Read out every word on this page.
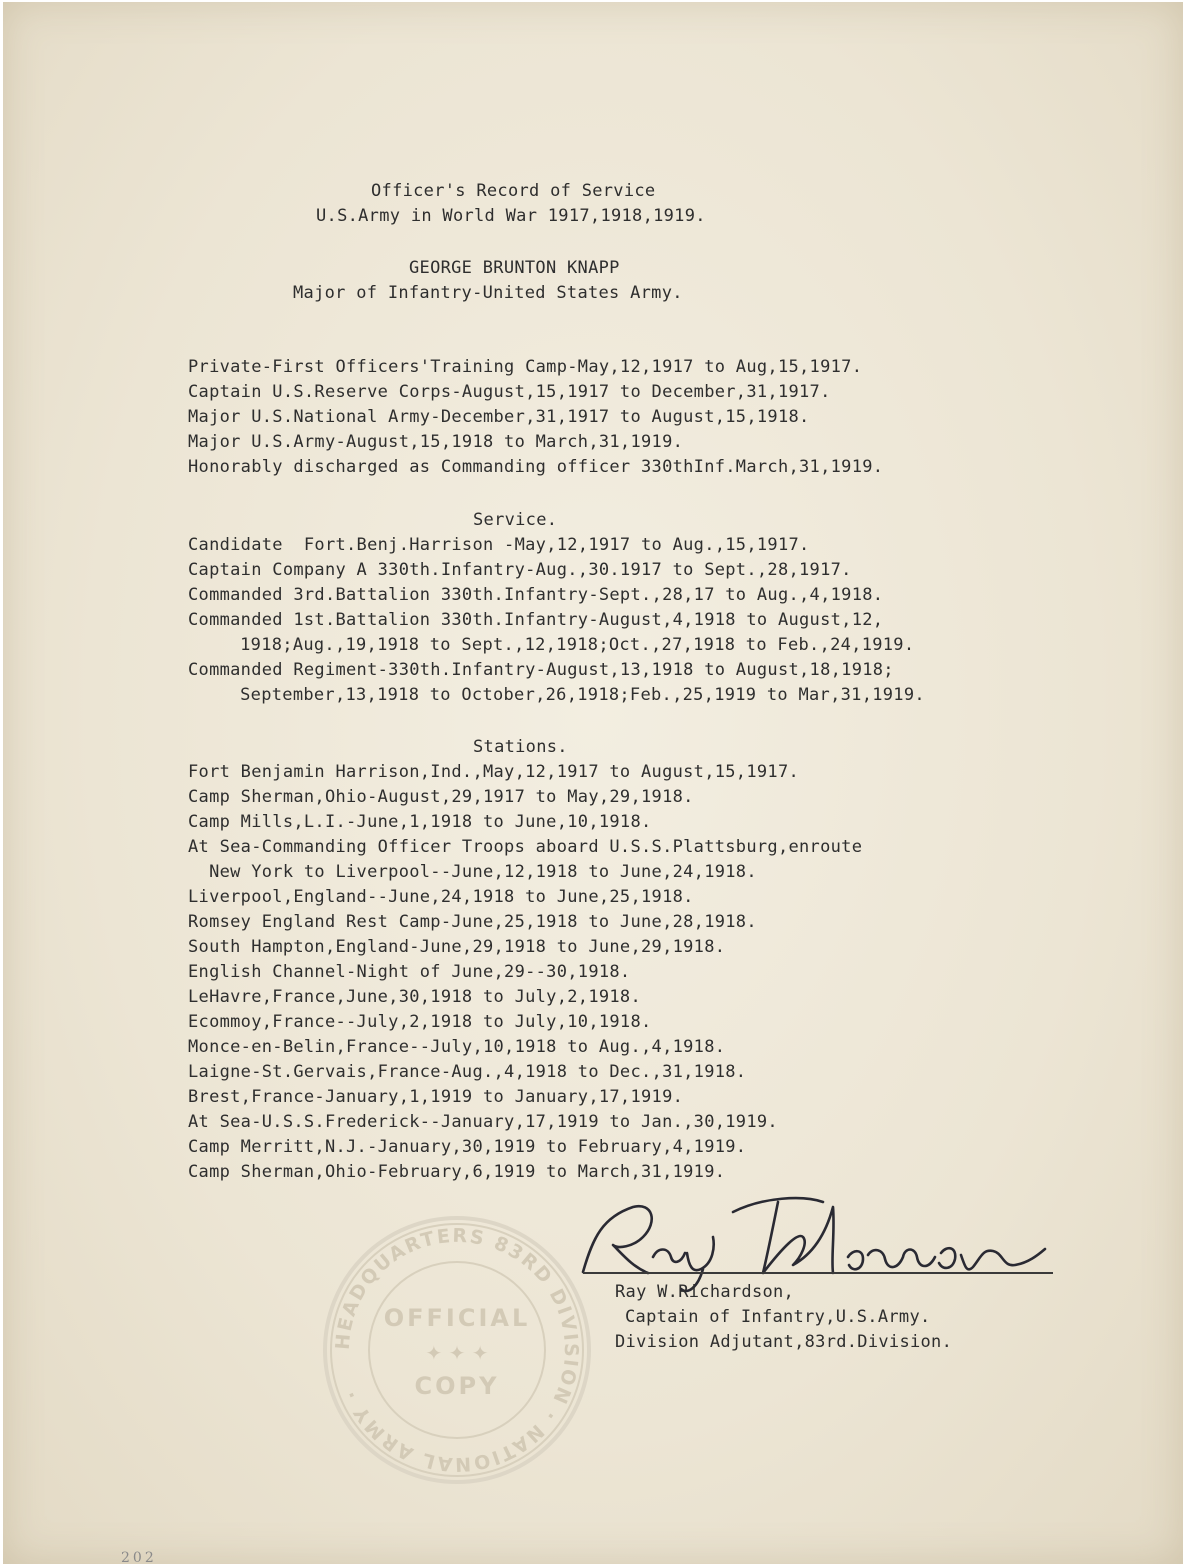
Officer's Record of Service
U.S.Army in World War 1917,1918,1919.
GEORGE BRUNTON KNAPP
Major of Infantry-United States Army.
Private-First Officers'Training Camp-May,12,1917 to Aug,15,1917.
Captain U.S.Reserve Corps-August,15,1917 to December,31,1917.
Major U.S.National Army-December,31,1917 to August,15,1918.
Major U.S.Army-August,15,1918 to March,31,1919.
Honorably discharged as Commanding officer 330thInf.March,31,1919.
Service.
Candidate  Fort.Benj.Harrison -May,12,1917 to Aug.,15,1917.
Captain Company A 330th.Infantry-Aug.,30.1917 to Sept.,28,1917.
Commanded 3rd.Battalion 330th.Infantry-Sept.,28,17 to Aug.,4,1918.
Commanded 1st.Battalion 330th.Infantry-August,4,1918 to August,12,
1918;Aug.,19,1918 to Sept.,12,1918;Oct.,27,1918 to Feb.,24,1919.
Commanded Regiment-330th.Infantry-August,13,1918 to August,18,1918;
September,13,1918 to October,26,1918;Feb.,25,1919 to Mar,31,1919.
Stations.
Fort Benjamin Harrison,Ind.,May,12,1917 to August,15,1917.
Camp Sherman,Ohio-August,29,1917 to May,29,1918.
Camp Mills,L.I.-June,1,1918 to June,10,1918.
At Sea-Commanding Officer Troops aboard U.S.S.Plattsburg,enroute
New York to Liverpool--June,12,1918 to June,24,1918.
Liverpool,England--June,24,1918 to June,25,1918.
Romsey England Rest Camp-June,25,1918 to June,28,1918.
South Hampton,England-June,29,1918 to June,29,1918.
English Channel-Night of June,29--30,1918.
LeHavre,France,June,30,1918 to July,2,1918.
Ecommoy,France--July,2,1918 to July,10,1918.
Monce-en-Belin,France--July,10,1918 to Aug.,4,1918.
Laigne-St.Gervais,France-Aug.,4,1918 to Dec.,31,1918.
Brest,France-January,1,1919 to January,17,1919.
At Sea-U.S.S.Frederick--January,17,1919 to Jan.,30,1919.
Camp Merritt,N.J.-January,30,1919 to February,4,1919.
Camp Sherman,Ohio-February,6,1919 to March,31,1919.
HEADQUARTERS 83RD DIVISION · NATIONAL ARMY ·
OFFICIAL
✦ ✦ ✦
COPY
Ray W.Richardson,
Captain of Infantry,U.S.Army.
Division Adjutant,83rd.Division.
202
